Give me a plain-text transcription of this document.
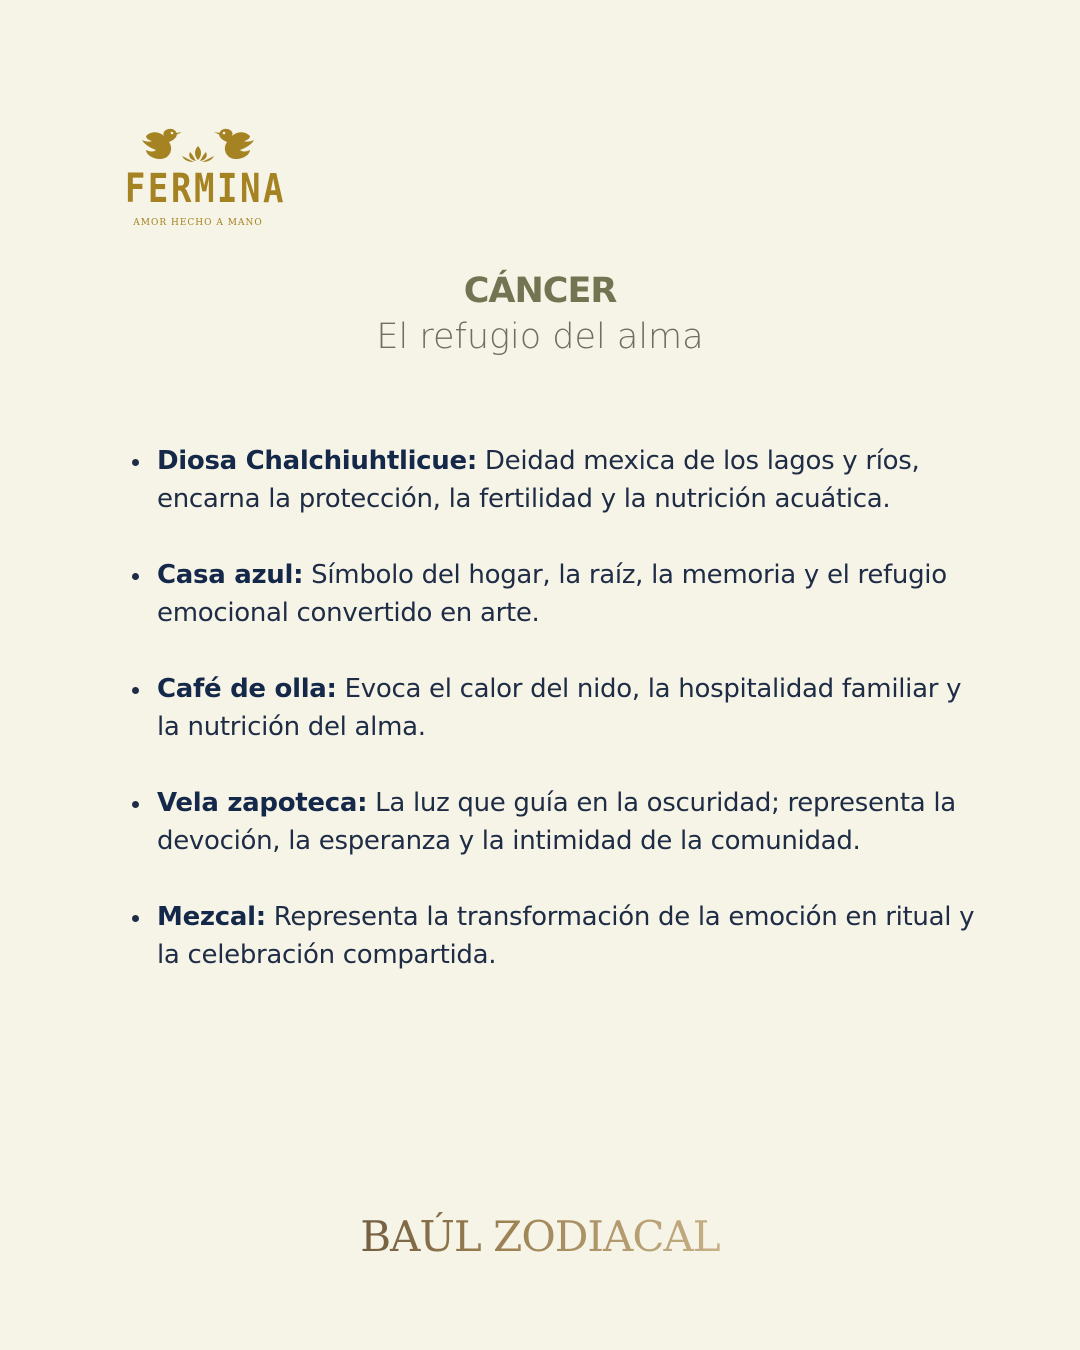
FERMINA
AMOR HECHO A MANO
CÁNCER
El refugio del alma
Diosa Chalchiuhtlicue: Deidad mexica de los lagos y ríos, encarna la protección, la fertilidad y la nutrición acuática.
Casa azul: Símbolo del hogar, la raíz, la memoria y el refugio emocional convertido en arte.
Café de olla: Evoca el calor del nido, la hospitalidad familiar y la nutrición del alma.
Vela zapoteca: La luz que guía en la oscuridad; representa la devoción, la esperanza y la intimidad de la comunidad.
Mezcal: Representa la transformación de la emoción en ritual y la celebración compartida.
BAÚL ZODIACAL
